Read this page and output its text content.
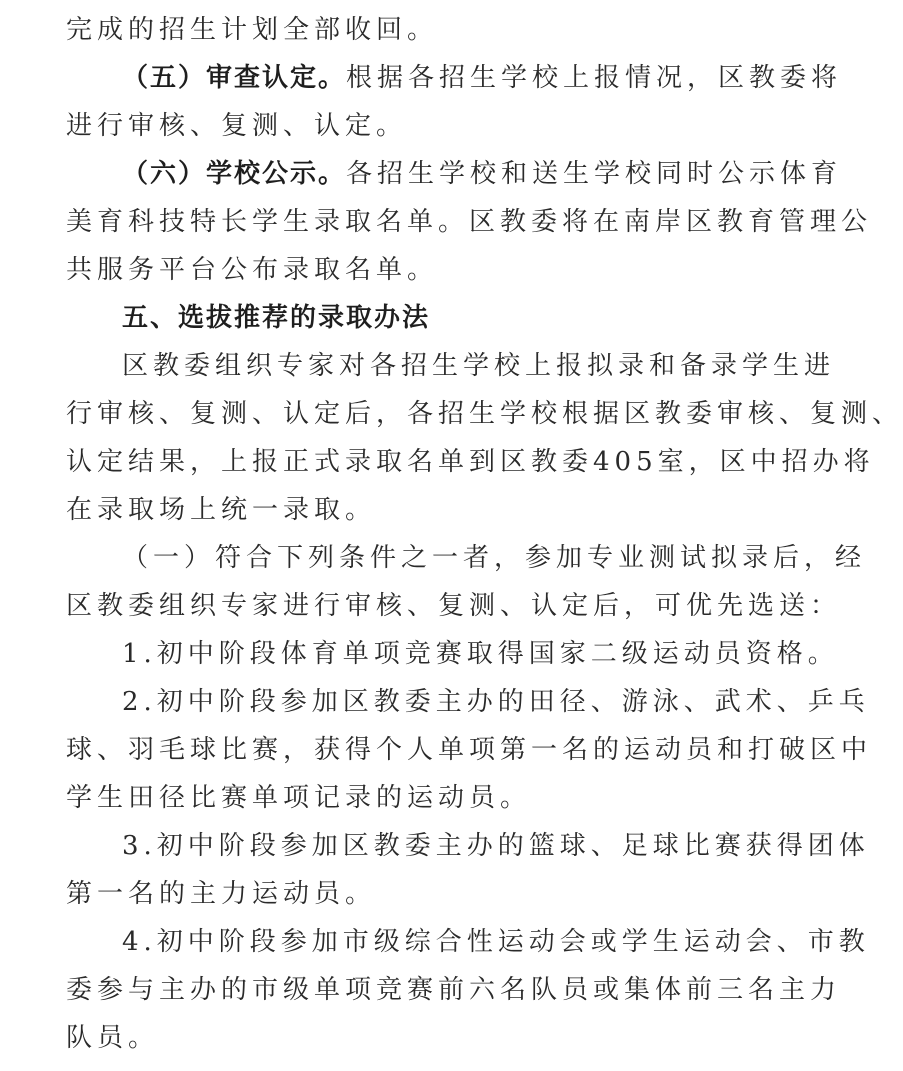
完成的招生计划全部收回。
（五）审查认定。根据各招生学校上报情况，区教委将
进行审核、复测、认定。
（六）学校公示。各招生学校和送生学校同时公示体育
美育科技特长学生录取名单。区教委将在南岸区教育管理公
共服务平台公布录取名单。
五、选拔推荐的录取办法
区教委组织专家对各招生学校上报拟录和备录学生进
行审核、复测、认定后，各招生学校根据区教委审核、复测、
认定结果，上报正式录取名单到区教委405室，区中招办将
在录取场上统一录取。
（一）符合下列条件之一者，参加专业测试拟录后，经
区教委组织专家进行审核、复测、认定后，可优先选送：
1.初中阶段体育单项竞赛取得国家二级运动员资格。
2.初中阶段参加区教委主办的田径、游泳、武术、乒乓
球、羽毛球比赛，获得个人单项第一名的运动员和打破区中
学生田径比赛单项记录的运动员。
3.初中阶段参加区教委主办的篮球、足球比赛获得团体
第一名的主力运动员。
4.初中阶段参加市级综合性运动会或学生运动会、市教
委参与主办的市级单项竞赛前六名队员或集体前三名主力
队员。
